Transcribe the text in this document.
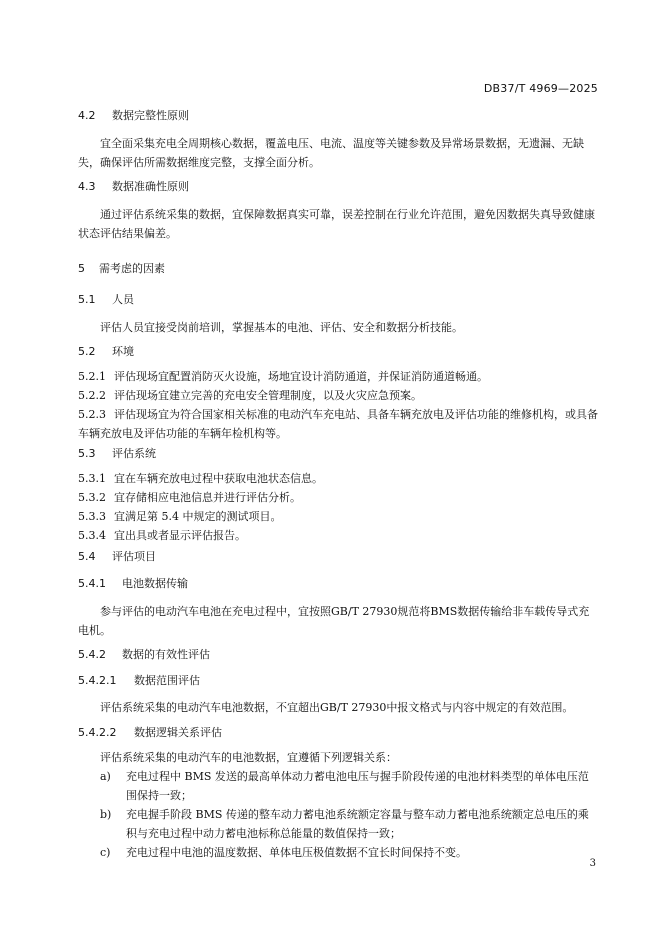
DB37/T 4969—2025
4.2 数据完整性原则
宜全面采集充电全周期核心数据，覆盖电压、电流、温度等关键参数及异常场景数据，无遗漏、无缺失，确保评估所需数据维度完整，支撑全面分析。
4.3 数据准确性原则
通过评估系统采集的数据，宜保障数据真实可靠，误差控制在行业允许范围，避免因数据失真导致健康状态评估结果偏差。
5 需考虑的因素
5.1 人员
评估人员宜接受岗前培训，掌握基本的电池、评估、安全和数据分析技能。
5.2 环境
5.2.1 评估现场宜配置消防灭火设施，场地宜设计消防通道，并保证消防通道畅通。
5.2.2 评估现场宜建立完善的充电安全管理制度，以及火灾应急预案。
5.2.3 评估现场宜为符合国家相关标准的电动汽车充电站、具备车辆充放电及评估功能的维修机构，或具备车辆充放电及评估功能的车辆年检机构等。
5.3 评估系统
5.3.1 宜在车辆充放电过程中获取电池状态信息。
5.3.2 宜存储相应电池信息并进行评估分析。
5.3.3 宜满足第 5.4 中规定的测试项目。
5.3.4 宜出具或者显示评估报告。
5.4 评估项目
5.4.1 电池数据传输
参与评估的电动汽车电池在充电过程中，宜按照GB/T 27930规范将BMS数据传输给非车载传导式充电机。
5.4.2 数据的有效性评估
5.4.2.1 数据范围评估
评估系统采集的电动汽车电池数据，不宜超出GB/T 27930中报文格式与内容中规定的有效范围。
5.4.2.2 数据逻辑关系评估
评估系统采集的电动汽车的电池数据，宜遵循下列逻辑关系：
a)	充电过程中 BMS 发送的最高单体动力蓄电池电压与握手阶段传递的电池材料类型的单体电压范围保持一致；
b)	充电握手阶段 BMS 传递的整车动力蓄电池系统额定容量与整车动力蓄电池系统额定总电压的乘积与充电过程中动力蓄电池标称总能量的数值保持一致；
c)	充电过程中电池的温度数据、单体电压极值数据不宜长时间保持不变。
3
